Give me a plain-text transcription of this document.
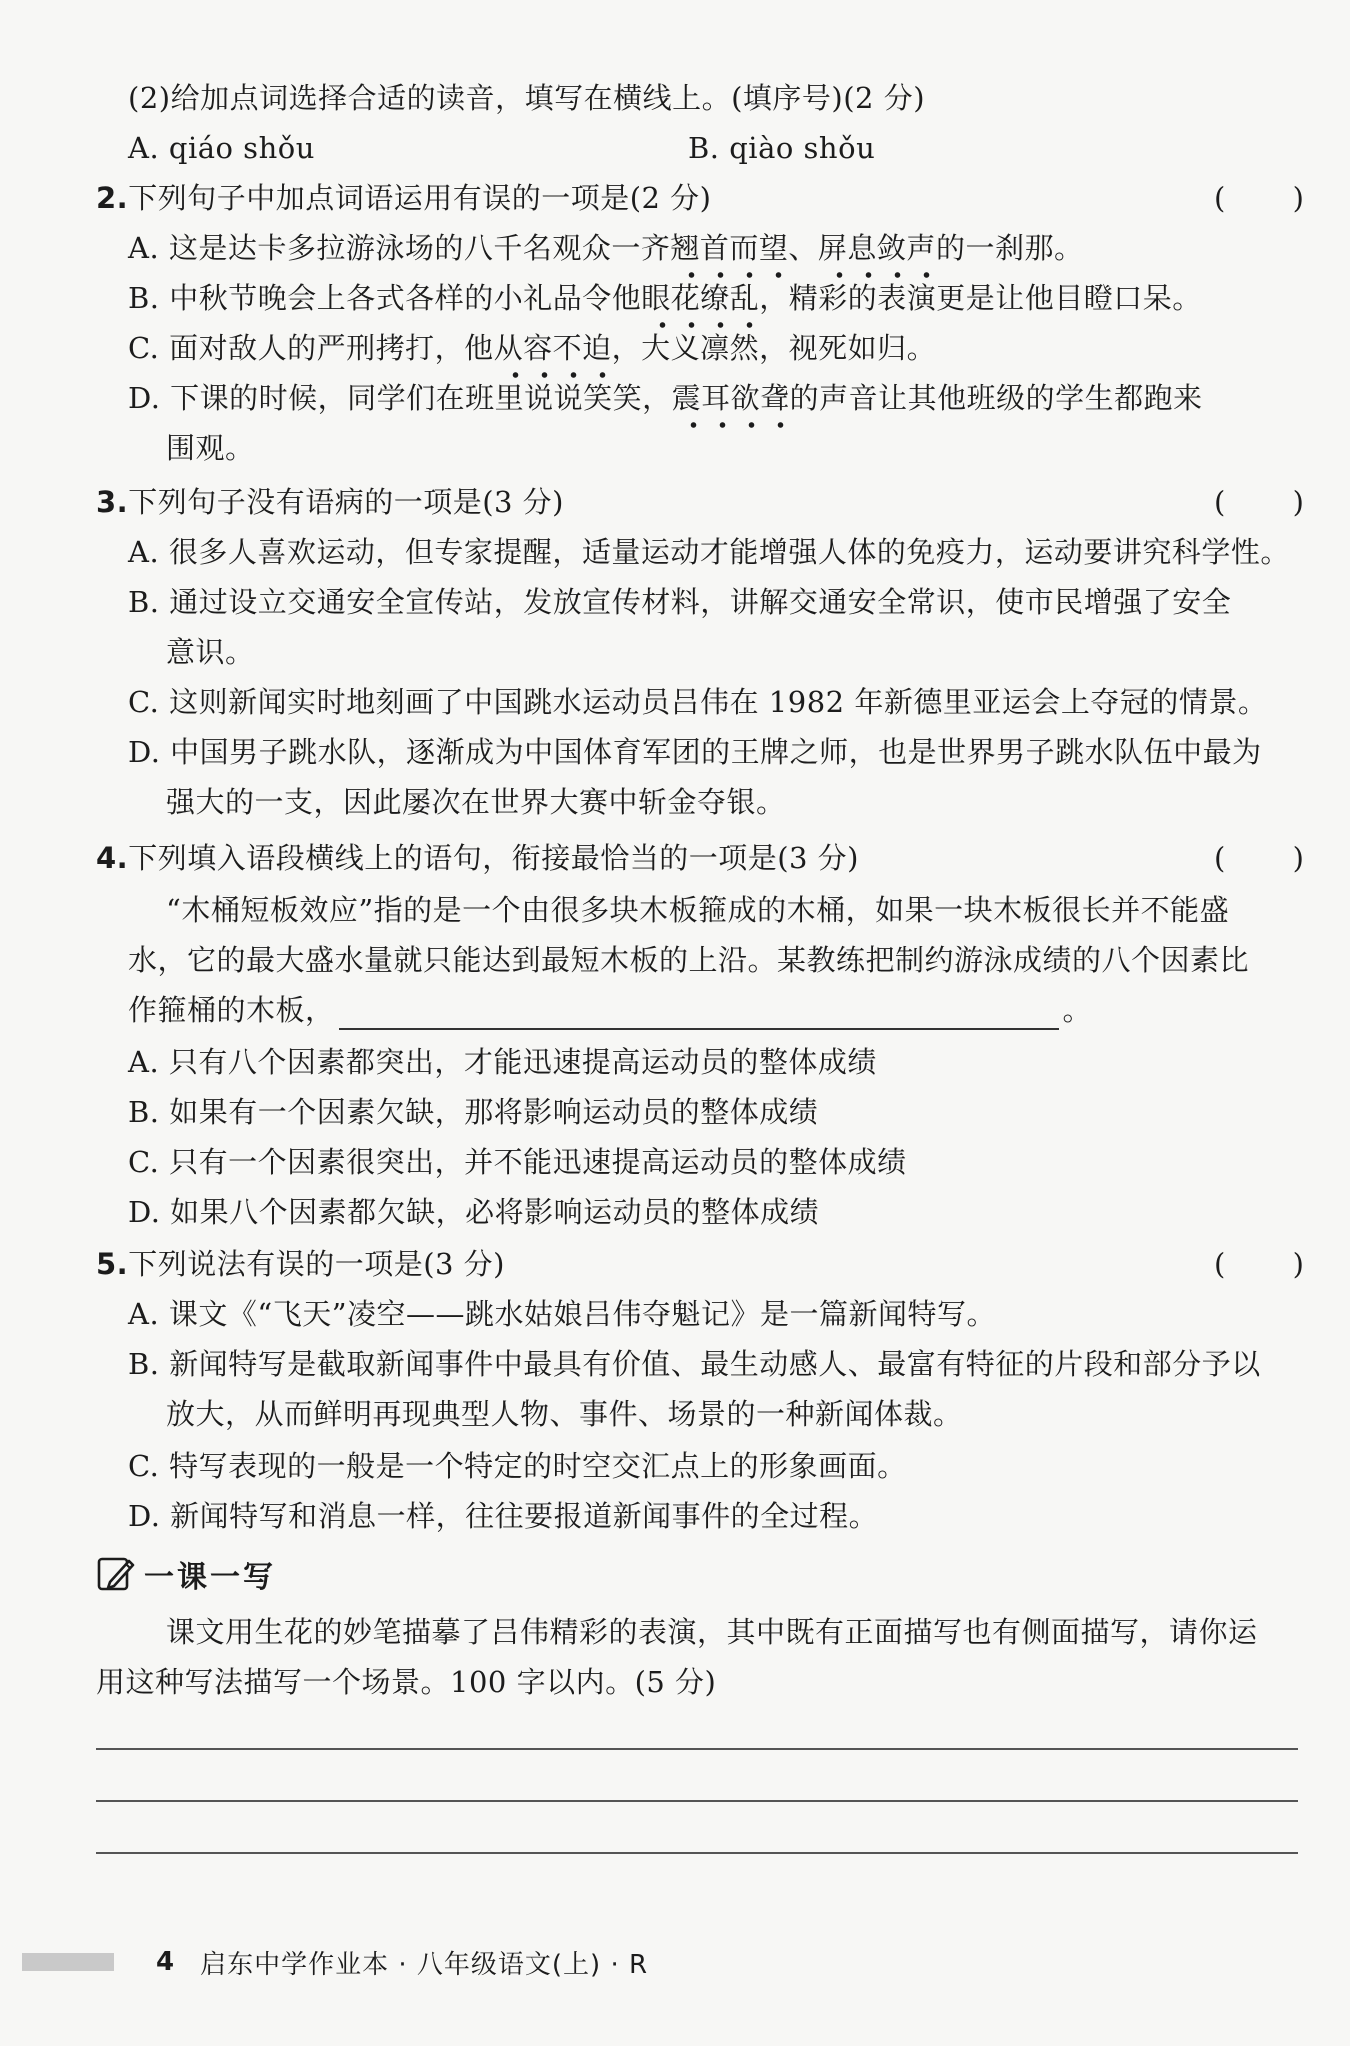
(2)给加点词选择合适的读音，填写在横线上。(填序号)(2 分)
A. qiáo shǒu	B. qiào shǒu
2.下列句子中加点词语运用有误的一项是(2 分)	( )
A. 这是达卡多拉游泳场的八千名观众一齐翘首而望、屏息敛声的一刹那。
B. 中秋节晚会上各式各样的小礼品令他眼花缭乱，精彩的表演更是让他目瞪口呆。
C. 面对敌人的严刑拷打，他从容不迫，大义凛然，视死如归。
D. 下课的时候，同学们在班里说说笑笑，震耳欲聋的声音让其他班级的学生都跑来
围观。
3.下列句子没有语病的一项是(3 分)	( )
A. 很多人喜欢运动，但专家提醒，适量运动才能增强人体的免疫力，运动要讲究科学性。
B. 通过设立交通安全宣传站，发放宣传材料，讲解交通安全常识，使市民增强了安全
意识。
C. 这则新闻实时地刻画了中国跳水运动员吕伟在 1982 年新德里亚运会上夺冠的情景。
D. 中国男子跳水队，逐渐成为中国体育军团的王牌之师，也是世界男子跳水队伍中最为
强大的一支，因此屡次在世界大赛中斩金夺银。
4.下列填入语段横线上的语句，衔接最恰当的一项是(3 分)	( )
“木桶短板效应”指的是一个由很多块木板箍成的木桶，如果一块木板很长并不能盛
水，它的最大盛水量就只能达到最短木板的上沿。某教练把制约游泳成绩的八个因素比
作箍桶的木板，	。
A. 只有八个因素都突出，才能迅速提高运动员的整体成绩
B. 如果有一个因素欠缺，那将影响运动员的整体成绩
C. 只有一个因素很突出，并不能迅速提高运动员的整体成绩
D. 如果八个因素都欠缺，必将影响运动员的整体成绩
5.下列说法有误的一项是(3 分)	( )
A. 课文《“飞天”凌空——跳水姑娘吕伟夺魁记》是一篇新闻特写。
B. 新闻特写是截取新闻事件中最具有价值、最生动感人、最富有特征的片段和部分予以
放大，从而鲜明再现典型人物、事件、场景的一种新闻体裁。
C. 特写表现的一般是一个特定的时空交汇点上的形象画面。
D. 新闻特写和消息一样，往往要报道新闻事件的全过程。
一课一写
课文用生花的妙笔描摹了吕伟精彩的表演，其中既有正面描写也有侧面描写，请你运
用这种写法描写一个场景。100 字以内。(5 分)
4 启东中学作业本 · 八年级语文(上) · R
